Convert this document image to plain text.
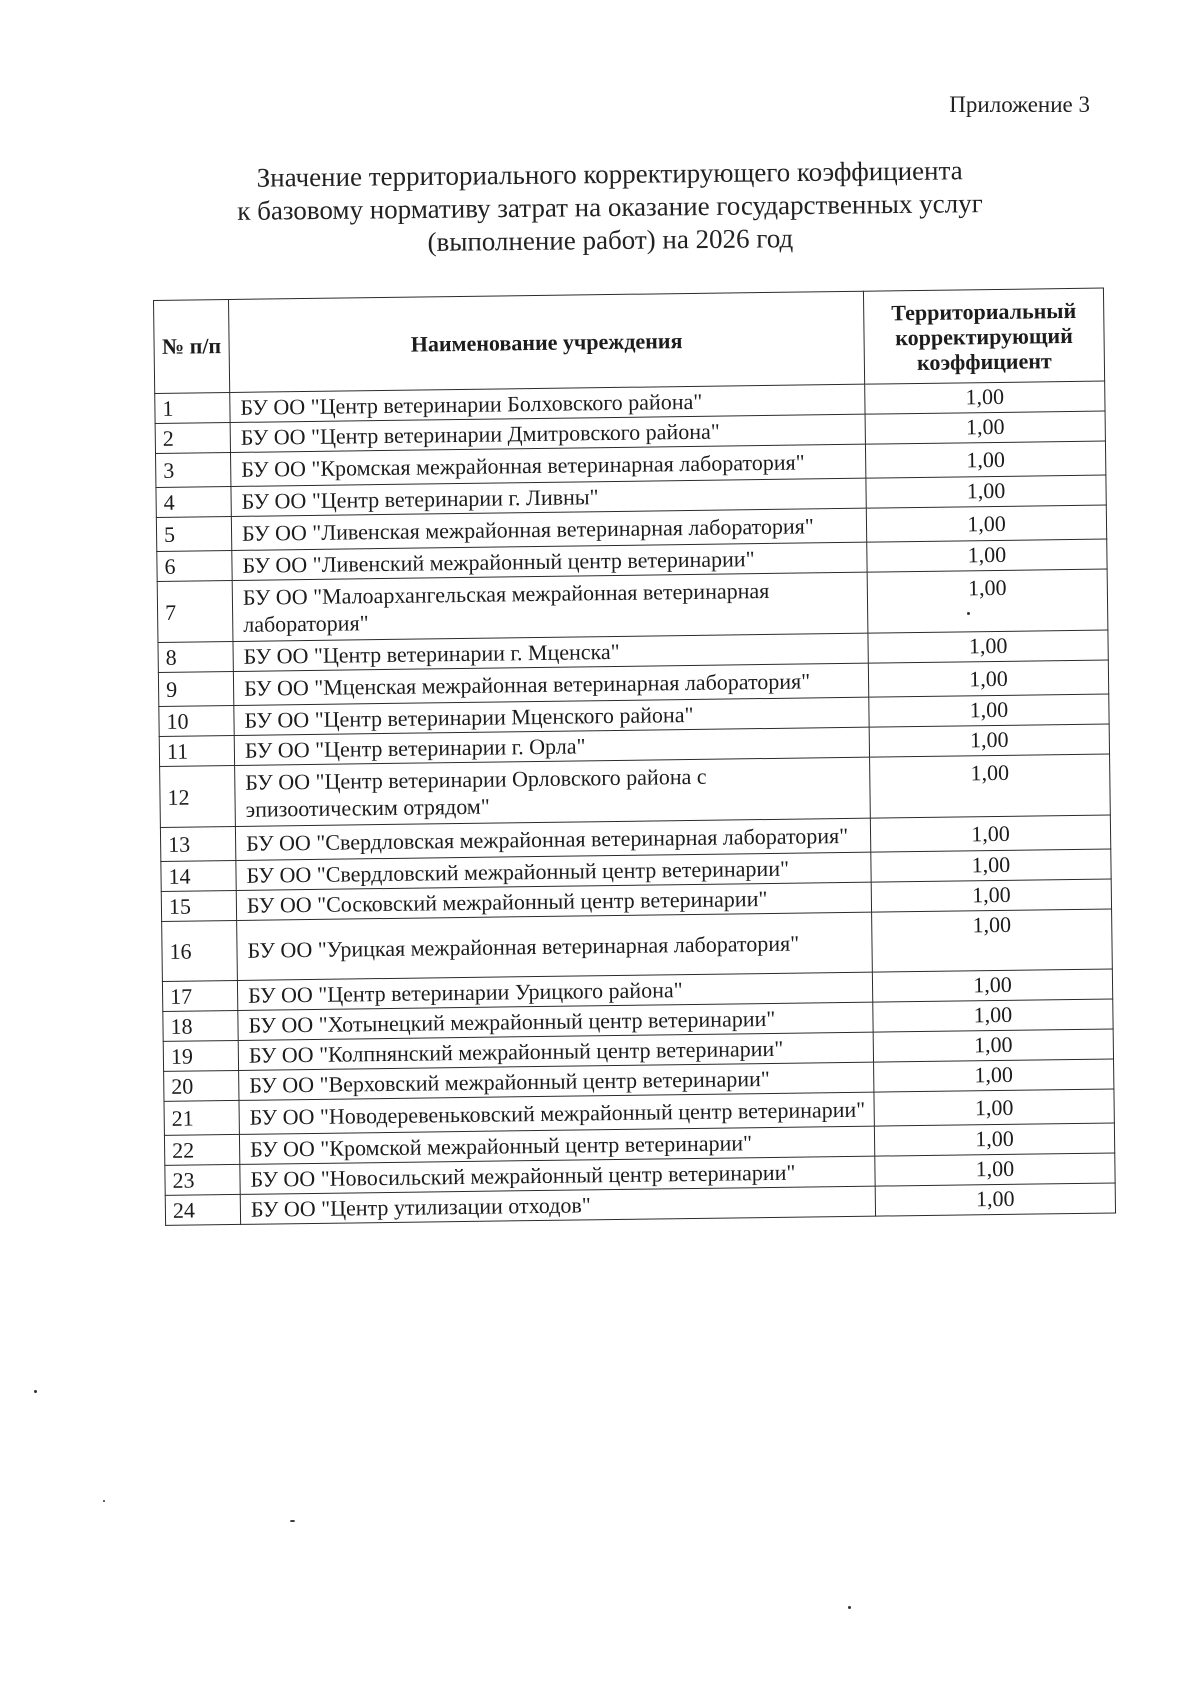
Приложение 3
Значение территориального корректирующего коэффициента
к базовому нормативу затрат на оказание государственных услуг
(выполнение работ) на 2026 год
№ п/п	Наименование учреждения	Территориальный корректирующий коэффициент
1	БУ ОО "Центр ветеринарии Болховского района"	1,00
2	БУ ОО "Центр ветеринарии Дмитровского района"	1,00
3	БУ ОО "Кромская межрайонная ветеринарная лаборатория"	1,00
4	БУ ОО "Центр ветеринарии г. Ливны"	1,00
5	БУ ОО "Ливенская межрайонная ветеринарная лаборатория"	1,00
6	БУ ОО "Ливенский межрайонный центр ветеринарии"	1,00
7	БУ ОО "Малоархангельская межрайонная ветеринарная лаборатория"	1,00
8	БУ ОО "Центр ветеринарии г. Мценска"	1,00
9	БУ ОО "Мценская межрайонная ветеринарная лаборатория"	1,00
10	БУ ОО "Центр ветеринарии Мценского района"	1,00
11	БУ ОО "Центр ветеринарии г. Орла"	1,00
12	БУ ОО "Центр ветеринарии Орловского района с эпизоотическим отрядом"	1,00
13	БУ ОО "Свердловская межрайонная ветеринарная лаборатория"	1,00
14	БУ ОО "Свердловский межрайонный центр ветеринарии"	1,00
15	БУ ОО "Сосковский межрайонный центр ветеринарии"	1,00
16	БУ ОО "Урицкая межрайонная ветеринарная лаборатория"	1,00
17	БУ ОО "Центр ветеринарии Урицкого района"	1,00
18	БУ ОО "Хотынецкий межрайонный центр ветеринарии"	1,00
19	БУ ОО "Колпнянский межрайонный центр ветеринарии"	1,00
20	БУ ОО "Верховский межрайонный центр ветеринарии"	1,00
21	БУ ОО "Новодеревеньковский межрайонный центр ветеринарии"	1,00
22	БУ ОО "Кромской межрайонный центр ветеринарии"	1,00
23	БУ ОО "Новосильский межрайонный центр ветеринарии"	1,00
24	БУ ОО "Центр утилизации отходов"	1,00
